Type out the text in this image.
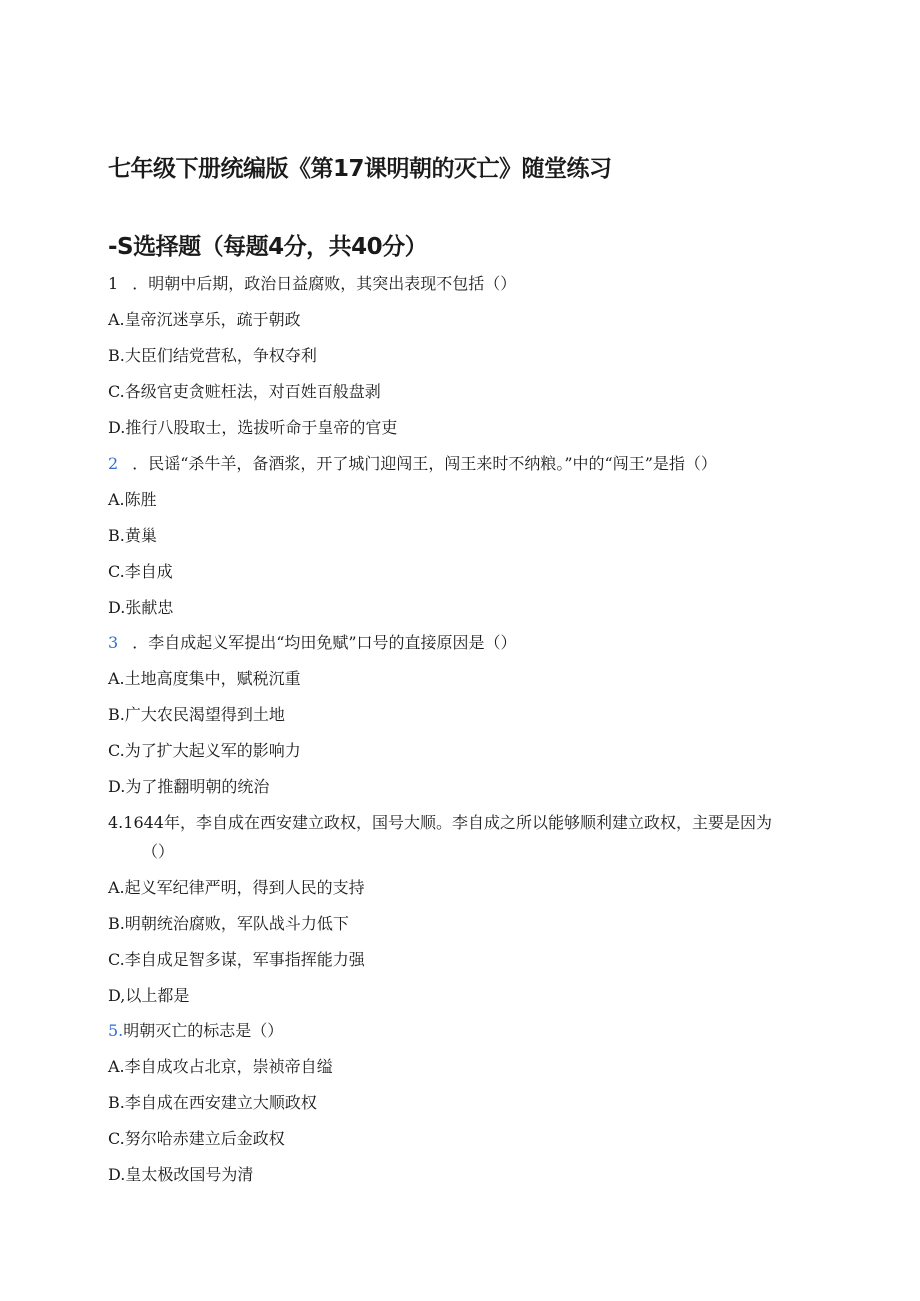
七年级下册统编版《第17课明朝的灭亡》随堂练习
-S选择题（每题4分，共40分）
1 ．明朝中后期，政治日益腐败，其突出表现不包括（）
A.皇帝沉迷享乐，疏于朝政
B.大臣们结党营私，争权夺利
C.各级官吏贪赃枉法，对百姓百般盘剥
D.推行八股取士，选拔听命于皇帝的官吏
2 ．民谣“杀牛羊，备酒浆，开了城门迎闯王，闯王来时不纳粮。”中的“闯王”是指（）
A.陈胜
B.黄巢
C.李自成
D.张献忠
3 ．李自成起义军提出“均田免赋”口号的直接原因是（）
A.土地高度集中，赋税沉重
B.广大农民渴望得到土地
C.为了扩大起义军的影响力
D.为了推翻明朝的统治
4.1644年，李自成在西安建立政权，国号大顺。李自成之所以能够顺利建立政权，主要是因为
（）
A.起义军纪律严明，得到人民的支持
B.明朝统治腐败，军队战斗力低下
C.李自成足智多谋，军事指挥能力强
D,以上都是
5.明朝灭亡的标志是（）
A.李自成攻占北京，崇祯帝自缢
B.李自成在西安建立大顺政权
C.努尔哈赤建立后金政权
D.皇太极改国号为清
